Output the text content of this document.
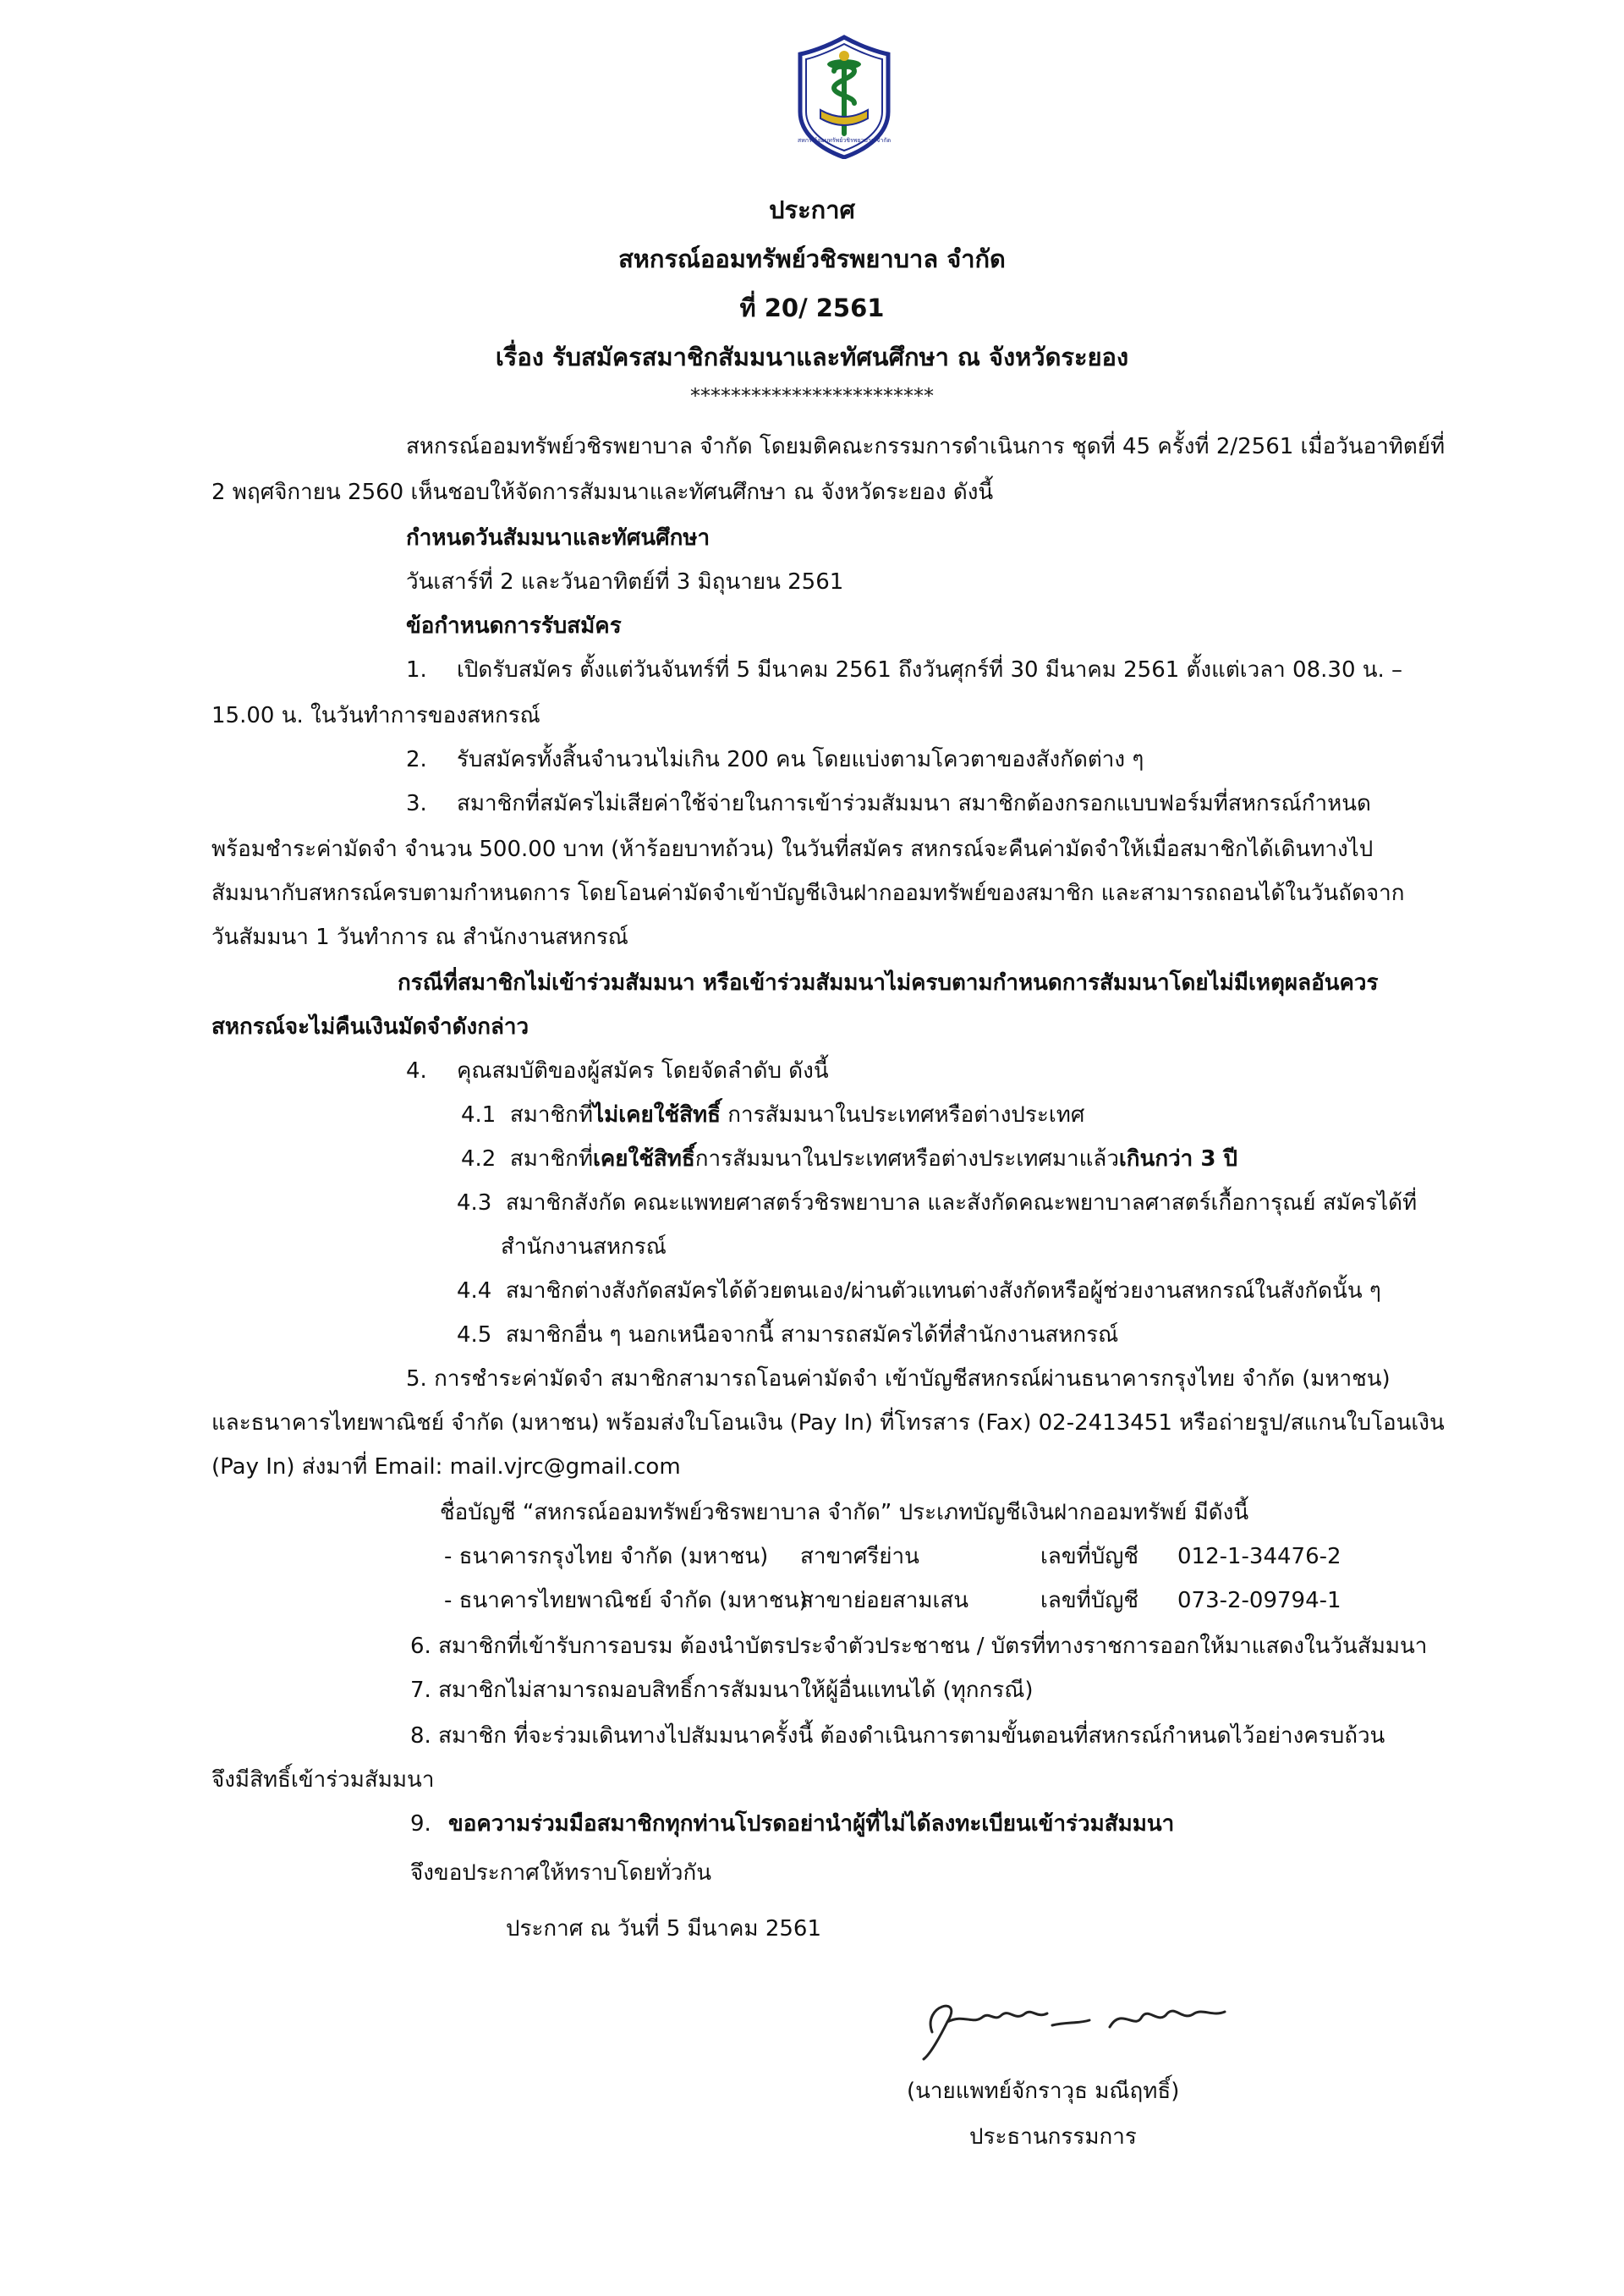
สหกรณ์ออมทรัพย์วชิรพยาบาล จำกัด
ประกาศ
สหกรณ์ออมทรัพย์วชิรพยาบาล จำกัด
ที่ 20/ 2561
เรื่อง รับสมัครสมาชิกสัมมนาและทัศนศึกษา ณ จังหวัดระยอง
************************
สหกรณ์ออมทรัพย์วชิรพยาบาล จำกัด โดยมติคณะกรรมการดำเนินการ ชุดที่ 45 ครั้งที่ 2/2561 เมื่อวันอาทิตย์ที่
2 พฤศจิกายน 2560 เห็นชอบให้จัดการสัมมนาและทัศนศึกษา ณ จังหวัดระยอง ดังนี้
กำหนดวันสัมมนาและทัศนศึกษา
วันเสาร์ที่ 2 และวันอาทิตย์ที่ 3 มิถุนายน 2561
ข้อกำหนดการรับสมัคร
1. เปิดรับสมัคร ตั้งแต่วันจันทร์ที่ 5 มีนาคม 2561 ถึงวันศุกร์ที่ 30 มีนาคม 2561 ตั้งแต่เวลา 08.30 น. –
15.00 น. ในวันทำการของสหกรณ์
2. รับสมัครทั้งสิ้นจำนวนไม่เกิน 200 คน โดยแบ่งตามโควตาของสังกัดต่าง ๆ
3. สมาชิกที่สมัครไม่เสียค่าใช้จ่ายในการเข้าร่วมสัมมนา สมาชิกต้องกรอกแบบฟอร์มที่สหกรณ์กำหนด
พร้อมชำระค่ามัดจำ จำนวน 500.00 บาท (ห้าร้อยบาทถ้วน) ในวันที่สมัคร สหกรณ์จะคืนค่ามัดจำให้เมื่อสมาชิกได้เดินทางไป
สัมมนากับสหกรณ์ครบตามกำหนดการ โดยโอนค่ามัดจำเข้าบัญชีเงินฝากออมทรัพย์ของสมาชิก และสามารถถอนได้ในวันถัดจาก
วันสัมมนา 1 วันทำการ ณ สำนักงานสหกรณ์
กรณีที่สมาชิกไม่เข้าร่วมสัมมนา หรือเข้าร่วมสัมมนาไม่ครบตามกำหนดการสัมมนาโดยไม่มีเหตุผลอันควร
สหกรณ์จะไม่คืนเงินมัดจำดังกล่าว
4. คุณสมบัติของผู้สมัคร โดยจัดลำดับ ดังนี้
4.1 สมาชิกที่ไม่เคยใช้สิทธิ์ การสัมมนาในประเทศหรือต่างประเทศ
4.2 สมาชิกที่เคยใช้สิทธิ์การสัมมนาในประเทศหรือต่างประเทศมาแล้วเกินกว่า 3 ปี
4.3 สมาชิกสังกัด คณะแพทยศาสตร์วชิรพยาบาล และสังกัดคณะพยาบาลศาสตร์เกื้อการุณย์ สมัครได้ที่
สำนักงานสหกรณ์
4.4 สมาชิกต่างสังกัดสมัครได้ด้วยตนเอง/ผ่านตัวแทนต่างสังกัดหรือผู้ช่วยงานสหกรณ์ในสังกัดนั้น ๆ
4.5 สมาชิกอื่น ๆ นอกเหนือจากนี้ สามารถสมัครได้ที่สำนักงานสหกรณ์
5. การชำระค่ามัดจำ สมาชิกสามารถโอนค่ามัดจำ เข้าบัญชีสหกรณ์ผ่านธนาคารกรุงไทย จำกัด (มหาชน)
และธนาคารไทยพาณิชย์ จำกัด (มหาชน) พร้อมส่งใบโอนเงิน (Pay In) ที่โทรสาร (Fax) 02-2413451 หรือถ่ายรูป/สแกนใบโอนเงิน
(Pay In) ส่งมาที่ Email: mail.vjrc@gmail.com
ชื่อบัญชี “สหกรณ์ออมทรัพย์วชิรพยาบาล จำกัด” ประเภทบัญชีเงินฝากออมทรัพย์ มีดังนี้
- ธนาคารกรุงไทย จำกัด (มหาชน) สาขาศรีย่าน	เลขที่บัญชี 012-1-34476-2
- ธนาคารไทยพาณิชย์ จำกัด (มหาชน)
สาขาย่อยสามเสน	เลขที่บัญชี 073-2-09794-1
6. สมาชิกที่เข้ารับการอบรม ต้องนำบัตรประจำตัวประชาชน / บัตรที่ทางราชการออกให้มาแสดงในวันสัมมนา
7. สมาชิกไม่สามารถมอบสิทธิ์การสัมมนาให้ผู้อื่นแทนได้ (ทุกกรณี)
8. สมาชิก ที่จะร่วมเดินทางไปสัมมนาครั้งนี้ ต้องดำเนินการตามขั้นตอนที่สหกรณ์กำหนดไว้อย่างครบถ้วน
จึงมีสิทธิ์เข้าร่วมสัมมนา
9. ขอความร่วมมือสมาชิกทุกท่านโปรดอย่านำผู้ที่ไม่ได้ลงทะเบียนเข้าร่วมสัมมนา
จึงขอประกาศให้ทราบโดยทั่วกัน
ประกาศ ณ วันที่ 5 มีนาคม 2561
(นายแพทย์จักราวุธ มณีฤทธิ์)
ประธานกรรมการ
